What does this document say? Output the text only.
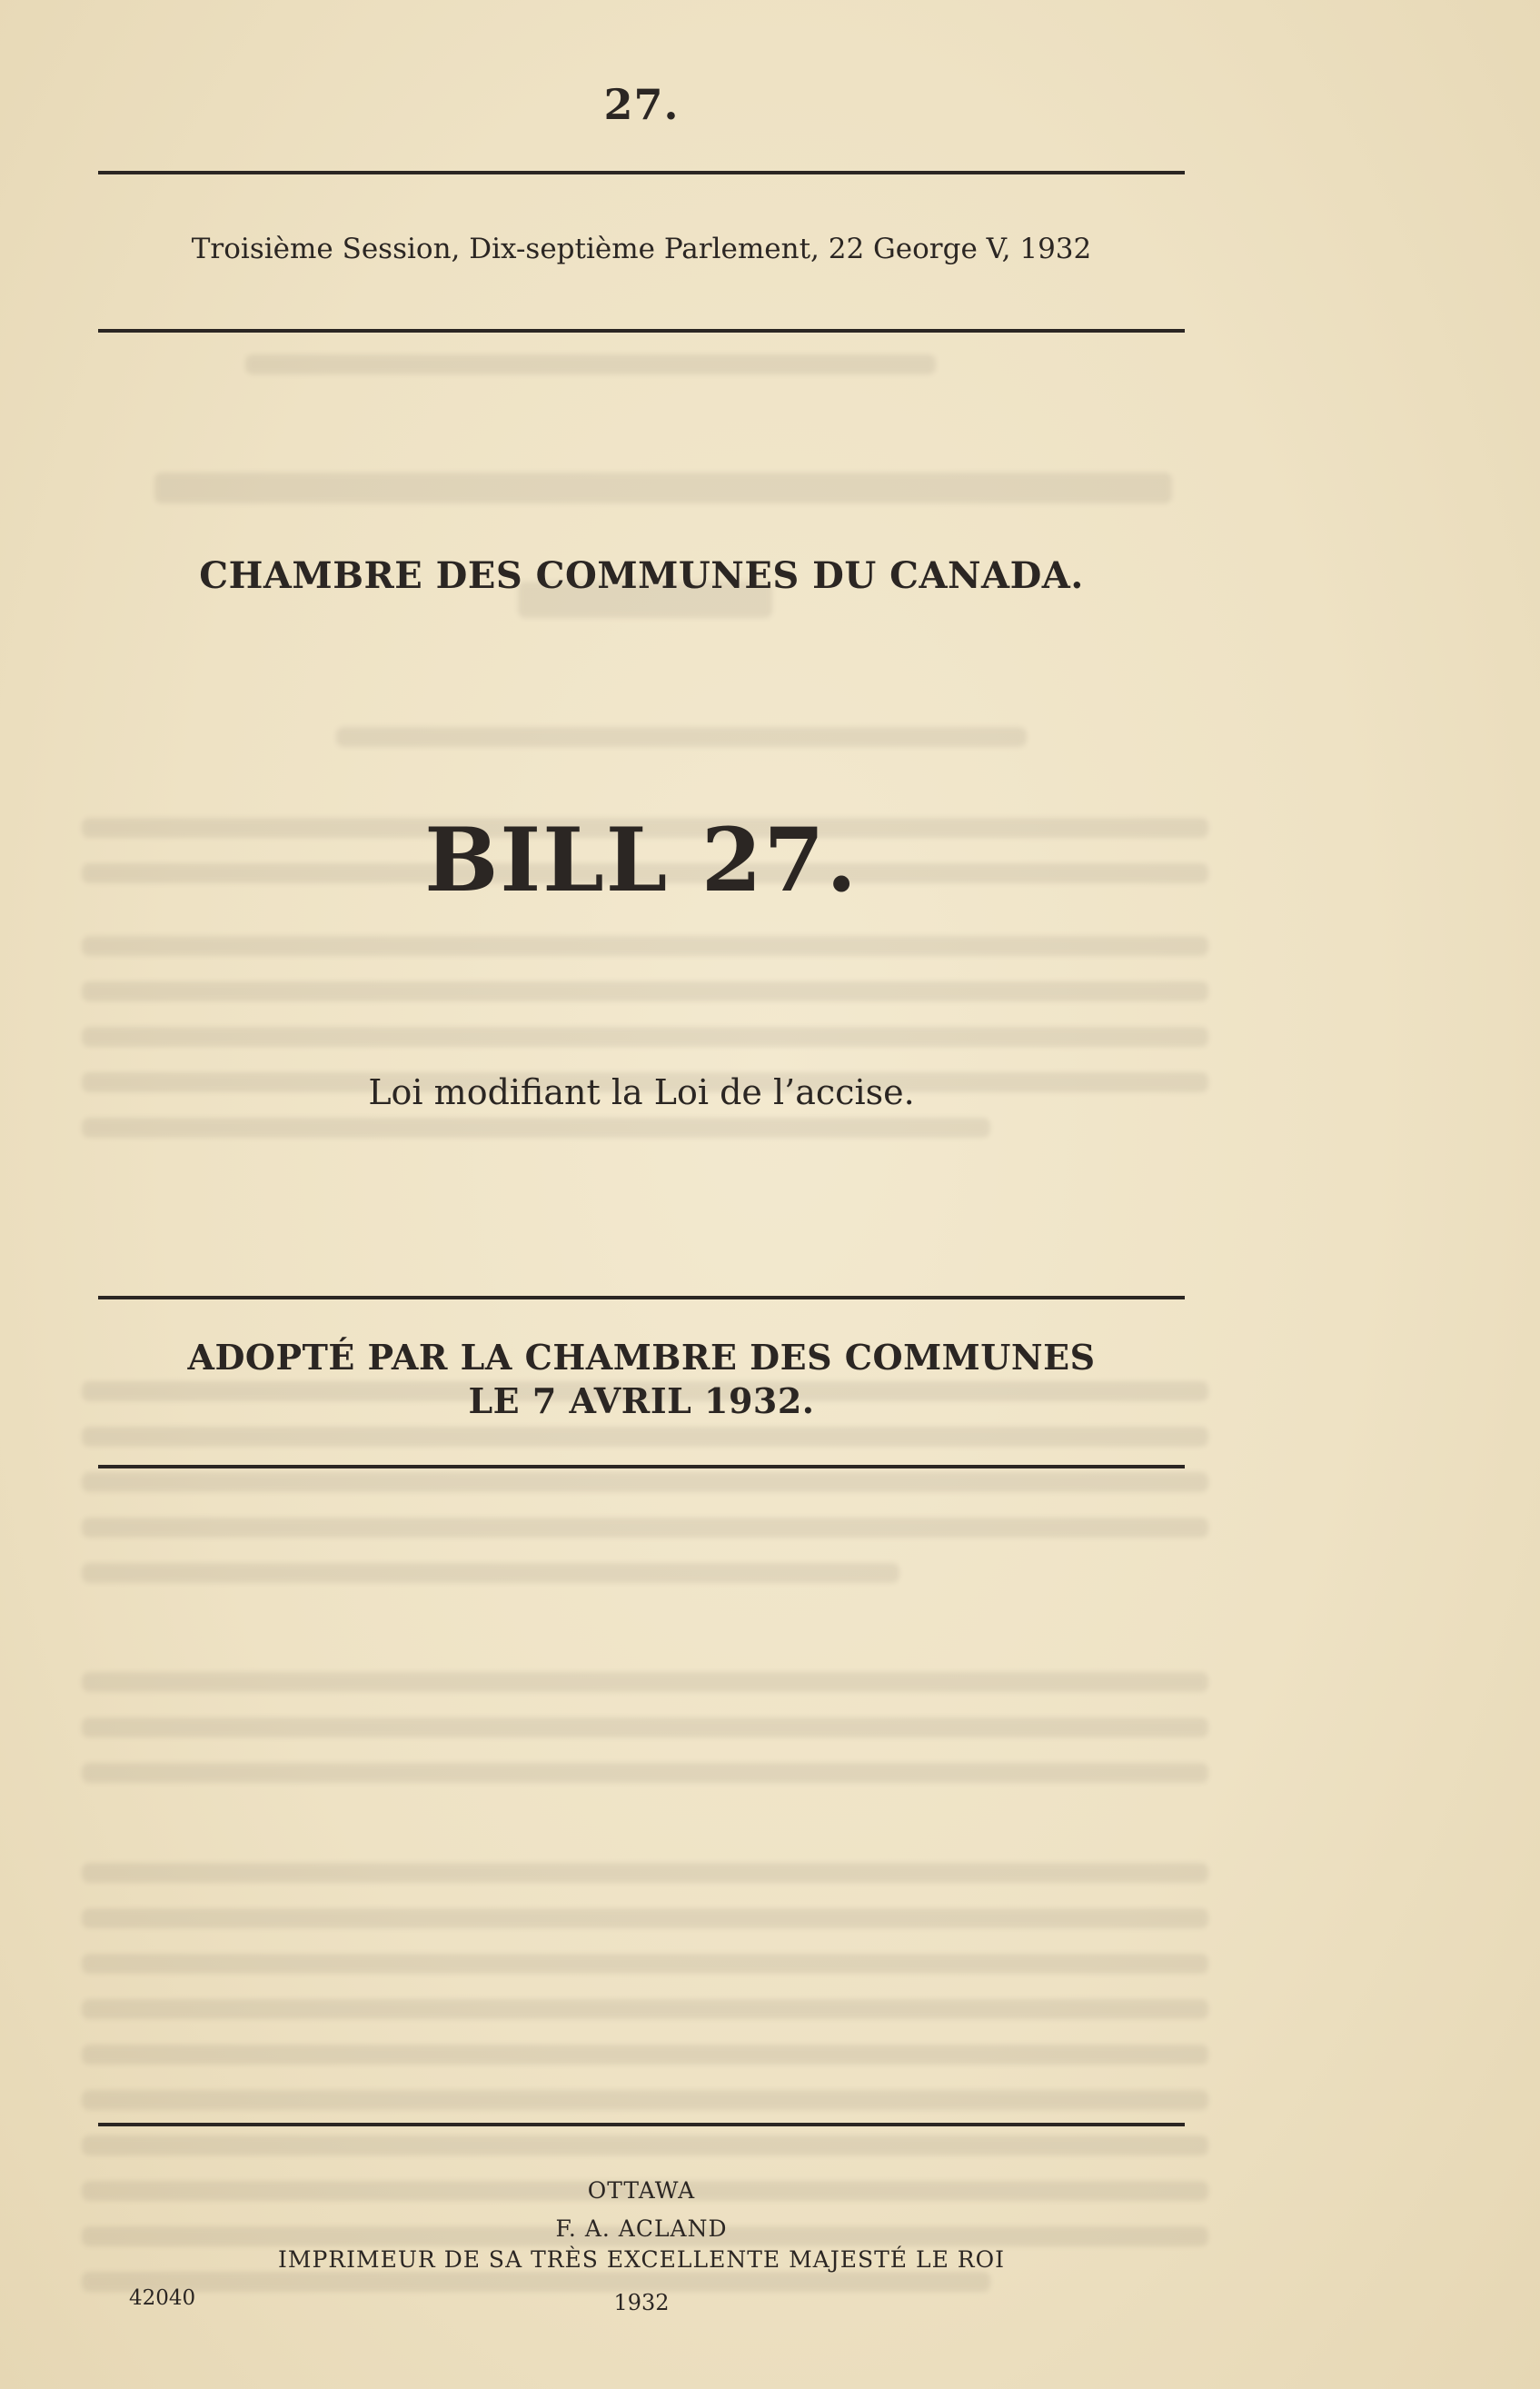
27.
Troisième Session, Dix-septième Parlement, 22 George V, 1932
CHAMBRE DES COMMUNES DU CANADA.
BILL 27.
Loi modifiant la Loi de l’accise.
ADOPTÉ PAR LA CHAMBRE DES COMMUNES
LE 7 AVRIL 1932.
OTTAWA
F. A. ACLAND
IMPRIMEUR DE SA TRÈS EXCELLENTE MAJESTÉ LE ROI
1932
42040
